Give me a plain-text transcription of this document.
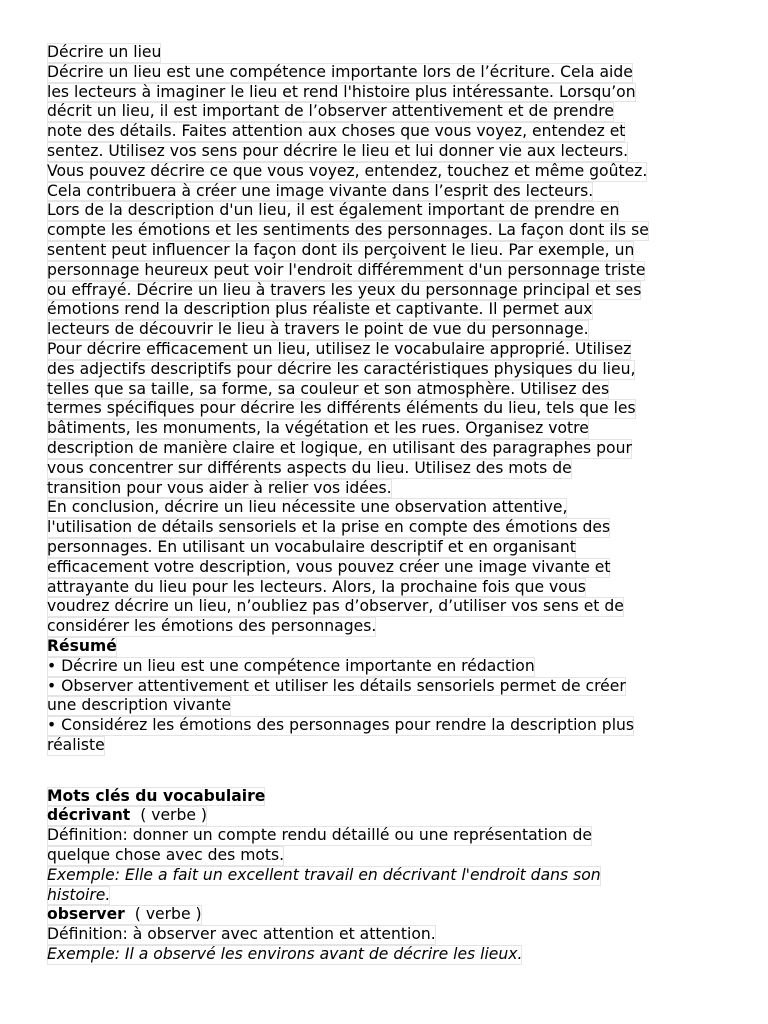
Décrire un lieu
Décrire un lieu est une compétence importante lors de l’écriture. Cela aide
les lecteurs à imaginer le lieu et rend l'histoire plus intéressante. Lorsqu’on
décrit un lieu, il est important de l’observer attentivement et de prendre
note des détails. Faites attention aux choses que vous voyez, entendez et
sentez. Utilisez vos sens pour décrire le lieu et lui donner vie aux lecteurs.
Vous pouvez décrire ce que vous voyez, entendez, touchez et même goûtez.
Cela contribuera à créer une image vivante dans l’esprit des lecteurs.
Lors de la description d'un lieu, il est également important de prendre en
compte les émotions et les sentiments des personnages. La façon dont ils se
sentent peut influencer la façon dont ils perçoivent le lieu. Par exemple, un
personnage heureux peut voir l'endroit différemment d'un personnage triste
ou effrayé. Décrire un lieu à travers les yeux du personnage principal et ses
émotions rend la description plus réaliste et captivante. Il permet aux
lecteurs de découvrir le lieu à travers le point de vue du personnage.
Pour décrire efficacement un lieu, utilisez le vocabulaire approprié. Utilisez
des adjectifs descriptifs pour décrire les caractéristiques physiques du lieu,
telles que sa taille, sa forme, sa couleur et son atmosphère. Utilisez des
termes spécifiques pour décrire les différents éléments du lieu, tels que les
bâtiments, les monuments, la végétation et les rues. Organisez votre
description de manière claire et logique, en utilisant des paragraphes pour
vous concentrer sur différents aspects du lieu. Utilisez des mots de
transition pour vous aider à relier vos idées.
En conclusion, décrire un lieu nécessite une observation attentive,
l'utilisation de détails sensoriels et la prise en compte des émotions des
personnages. En utilisant un vocabulaire descriptif et en organisant
efficacement votre description, vous pouvez créer une image vivante et
attrayante du lieu pour les lecteurs. Alors, la prochaine fois que vous
voudrez décrire un lieu, n’oubliez pas d’observer, d’utiliser vos sens et de
considérer les émotions des personnages.
Résumé
• Décrire un lieu est une compétence importante en rédaction
• Observer attentivement et utiliser les détails sensoriels permet de créer
une description vivante
• Considérez les émotions des personnages pour rendre la description plus
réaliste
Mots clés du vocabulaire
décrivant ( verbe )
Définition: donner un compte rendu détaillé ou une représentation de
quelque chose avec des mots.
Exemple: Elle a fait un excellent travail en décrivant l'endroit dans son
histoire.
observer ( verbe )
Définition: à observer avec attention et attention.
Exemple: Il a observé les environs avant de décrire les lieux.
